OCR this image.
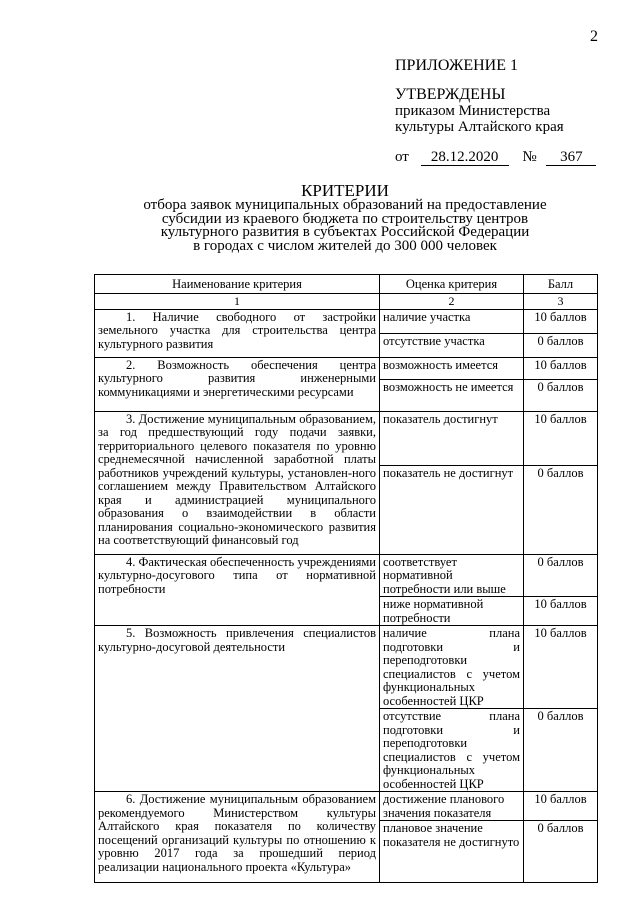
2
ПРИЛОЖЕНИЕ 1
УТВЕРЖДЕНЫ
приказом Министерства
культуры Алтайского края
от 28.12.2020 № 367
КРИТЕРИИ
отбора заявок муниципальных образований на предоставление
субсидии из краевого бюджета по строительству центров
культурного развития в субъектах Российской Федерации
в городах с числом жителей до 300 000 человек
Наименование критерия	Оценка критерия	Балл
1	2	3
1. Наличие свободного от застройки земельного участка для строительства центра культурного развития	наличие участка	10 баллов
	отсутствие участка	0 баллов
2. Возможность обеспечения центра культурного развития инженерными коммуникациями и энергетическими ресурсами	возможность имеется	10 баллов
	возможность не имеется	0 баллов
3. Достижение муниципальным образованием, за год предшествующий году подачи заявки, территориального целевого показателя по уровню среднемесячной начисленной заработной платы работников учреждений культуры, установлен-ного соглашением между Правительством Алтайского края и администрацией муниципального образования о взаимодействии в области планирования социально-экономического развития на соответствующий финансовый год	показатель достигнут	10 баллов
	показатель не достигнут	0 баллов
4. Фактическая обеспеченность учреждениями культурно-досугового типа от нормативной потребности	соответствует нормативной потребности или выше	0 баллов
	ниже нормативной потребности	10 баллов
5. Возможность привлечения специалистов культурно-досуговой деятельности	наличие плана подготовки и переподготовки специалистов с учетом функциональных особенностей ЦКР	10 баллов
	отсутствие плана подготовки и переподготовки специалистов с учетом функциональных особенностей ЦКР	0 баллов
6. Достижение муниципальным образованием рекомендуемого Министерством культуры Алтайского края показателя по количеству посещений организаций культуры по отношению к уровню 2017 года за прошедший период реализации национального проекта «Культура»	достижение планового значения показателя	10 баллов
	плановое значение показателя не достигнуто	0 баллов
